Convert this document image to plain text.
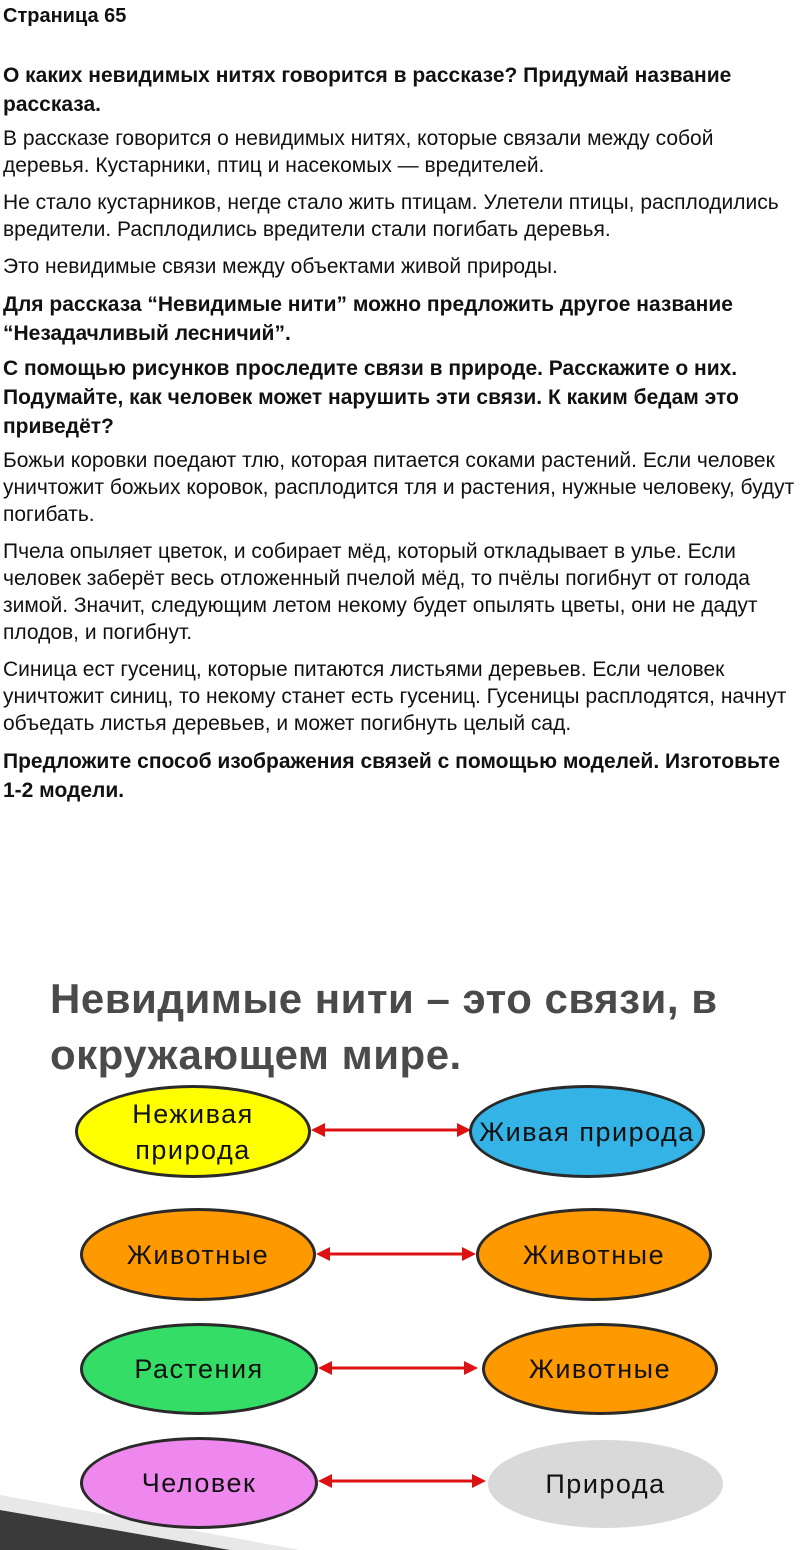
Страница 65

О каких невидимых нитях говорится в рассказе? Придумай название рассказа.

В рассказе говорится о невидимых нитях, которые связали между собой деревья. Кустарники, птиц и насекомых — вредителей.

Не стало кустарников, негде стало жить птицам. Улетели птицы, расплодились вредители. Расплодились вредители стали погибать деревья.

Это невидимые связи между объектами живой природы.

Для рассказа “Невидимые нити” можно предложить другое название “Незадачливый лесничий”.

С помощью рисунков проследите связи в природе. Расскажите о них. Подумайте, как человек может нарушить эти связи. К каким бедам это приведёт?

Божьи коровки поедают тлю, которая питается соками растений. Если человек уничтожит божьих коровок, расплодится тля и растения, нужные человеку, будут погибать.

Пчела опыляет цветок, и собирает мёд, который откладывает в улье. Если человек заберёт весь отложенный пчелой мёд, то пчёлы погибнут от голода зимой. Значит, следующим летом некому будет опылять цветы, они не дадут плодов, и погибнут.

Синица ест гусениц, которые питаются листьями деревьев. Если человек уничтожит синиц, то некому станет есть гусениц. Гусеницы расплодятся, начнут объедать листья деревьев, и может погибнуть целый сад.

Предложите способ изображения связей с помощью моделей. Изготовьте 1-2 модели.

Невидимые нити – это связи, в окружающем мире.
Неживая природа
Живая природа
Животные	Животные
Растения	Животные
Человек	Природа
